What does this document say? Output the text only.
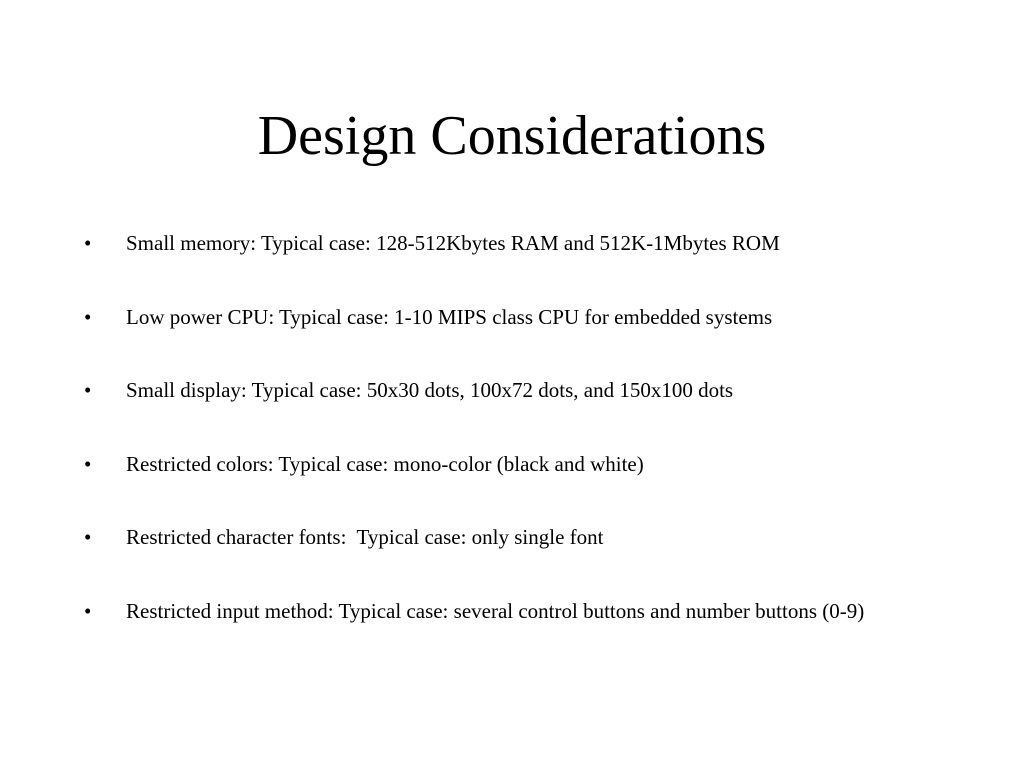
Design Considerations
•	Small memory: Typical case: 128-512Kbytes RAM and 512K-1Mbytes ROM
•	Low power CPU: Typical case: 1-10 MIPS class CPU for embedded systems
•	Small display: Typical case: 50x30 dots, 100x72 dots, and 150x100 dots
•	Restricted colors: Typical case: mono-color (black and white)
•	Restricted character fonts:  Typical case: only single font
•	Restricted input method: Typical case: several control buttons and number buttons (0-9)
